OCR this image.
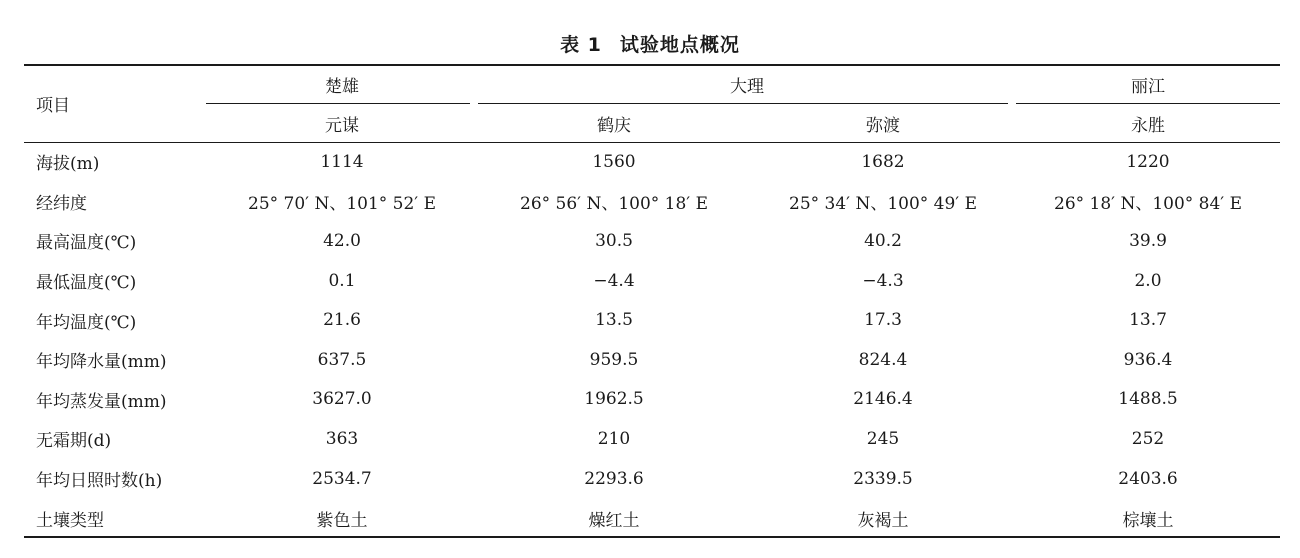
表 1 试验地点概况
项目	楚雄	大理		丽江
	元谋	鹤庆	弥渡	永胜
海拔(m)	1114	1560	1682	1220
经纬度	25° 70′ N、101° 52′ E	26° 56′ N、100° 18′ E	25° 34′ N、100° 49′ E	26° 18′ N、100° 84′ E
最高温度(℃)	42.0	30.5	40.2	39.9
最低温度(℃)	0.1	−4.4	−4.3	2.0
年均温度(℃)	21.6	13.5	17.3	13.7
年均降水量(mm)	637.5	959.5	824.4	936.4
年均蒸发量(mm)	3627.0	1962.5	2146.4	1488.5
无霜期(d)	363	210	245	252
年均日照时数(h)	2534.7	2293.6	2339.5	2403.6
土壤类型	紫色土	燥红土	灰褐土	棕壤土
